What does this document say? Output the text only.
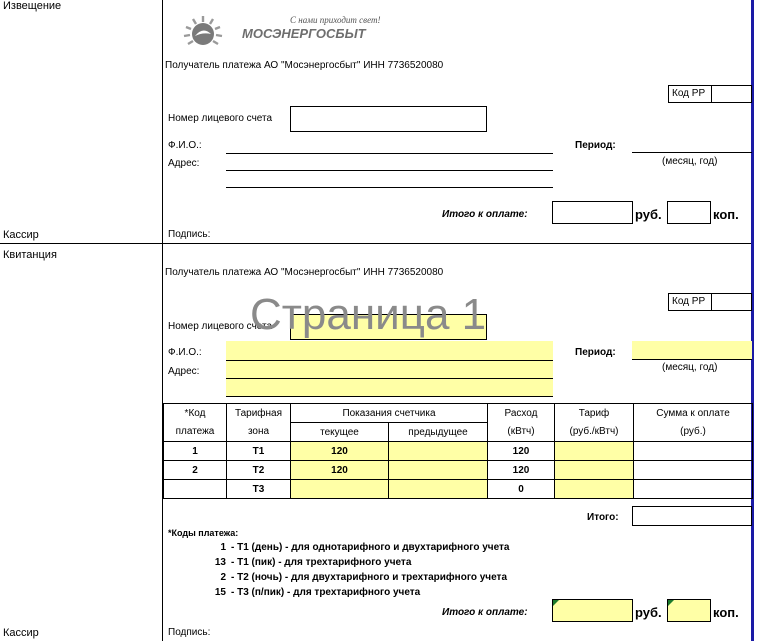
Извещение
Кассир
Квитанция
Кассир
С нами приходит свет!
МОСЭНЕРГОСБЫТ
Получатель платежа АО "Мосэнергосбыт" ИНН 7736520080
Код РР
Номер лицевого счета
Ф.И.О.:
Адрес:
Период:
(месяц, год)
Итого к оплате:	руб.	коп.
Подпись:
Получатель платежа АО "Мосэнергосбыт" ИНН 7736520080
Код РР
Номер лицевого счета
Страница 1
Ф.И.О.:
Адрес:
Период:
(месяц, год)
*Код	Тарифная	Показания счетчика		Расход	Тариф	Сумма к оплате
платежа	зона	текущее	предыдущее	(кВтч)	(руб./кВтч)	(руб.)
1	Т1	120		120		
2	Т2	120		120		
	Т3			0		
Итого:
*Коды платежа:
1 - Т1 (день) - для однотарифного и двухтарифного учета
13 - Т1 (пик) - для трехтарифного учета
2 - Т2 (ночь) - для двухтарифного и трехтарифного учета
15 - Т3 (п/пик) - для трехтарифного учета
Итого к оплате:	руб.	коп.
Подпись:
